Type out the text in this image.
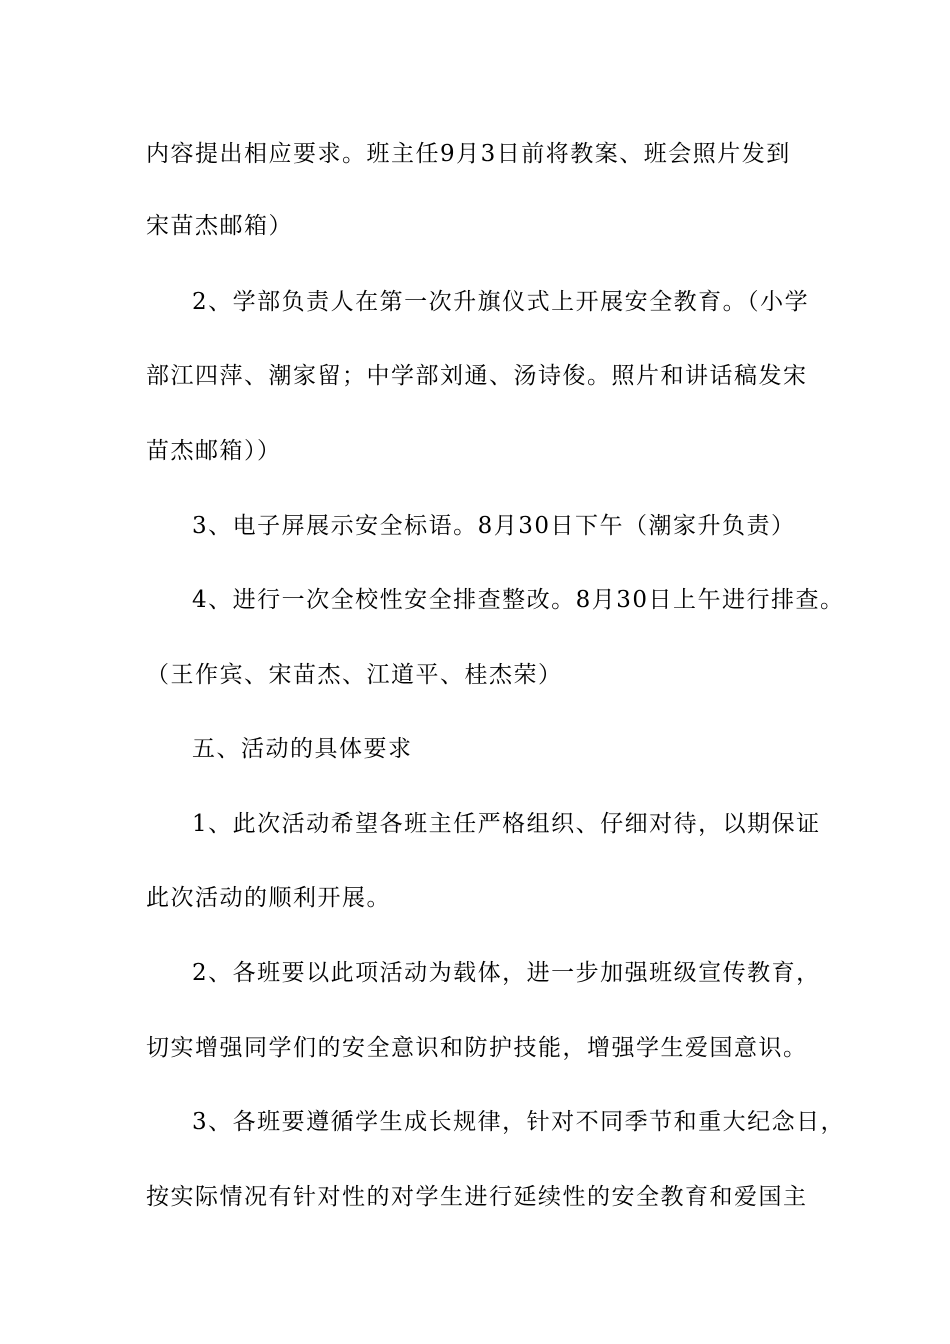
内容提出相应要求。班主任9月3日前将教案、班会照片发到
宋苗杰邮箱）
2、学部负责人在第一次升旗仪式上开展安全教育。（小学
部江四萍、潮家留；中学部刘通、汤诗俊。照片和讲话稿发宋
苗杰邮箱））
3、电子屏展示安全标语。8月30日下午（潮家升负责）
4、进行一次全校性安全排查整改。8月30日上午进行排查。
（王作宾、宋苗杰、江道平、桂杰荣）
五、活动的具体要求
1、此次活动希望各班主任严格组织、仔细对待，以期保证
此次活动的顺利开展。
2、各班要以此项活动为载体，进一步加强班级宣传教育，
切实增强同学们的安全意识和防护技能，增强学生爱国意识。
3、各班要遵循学生成长规律，针对不同季节和重大纪念日，
按实际情况有针对性的对学生进行延续性的安全教育和爱国主
